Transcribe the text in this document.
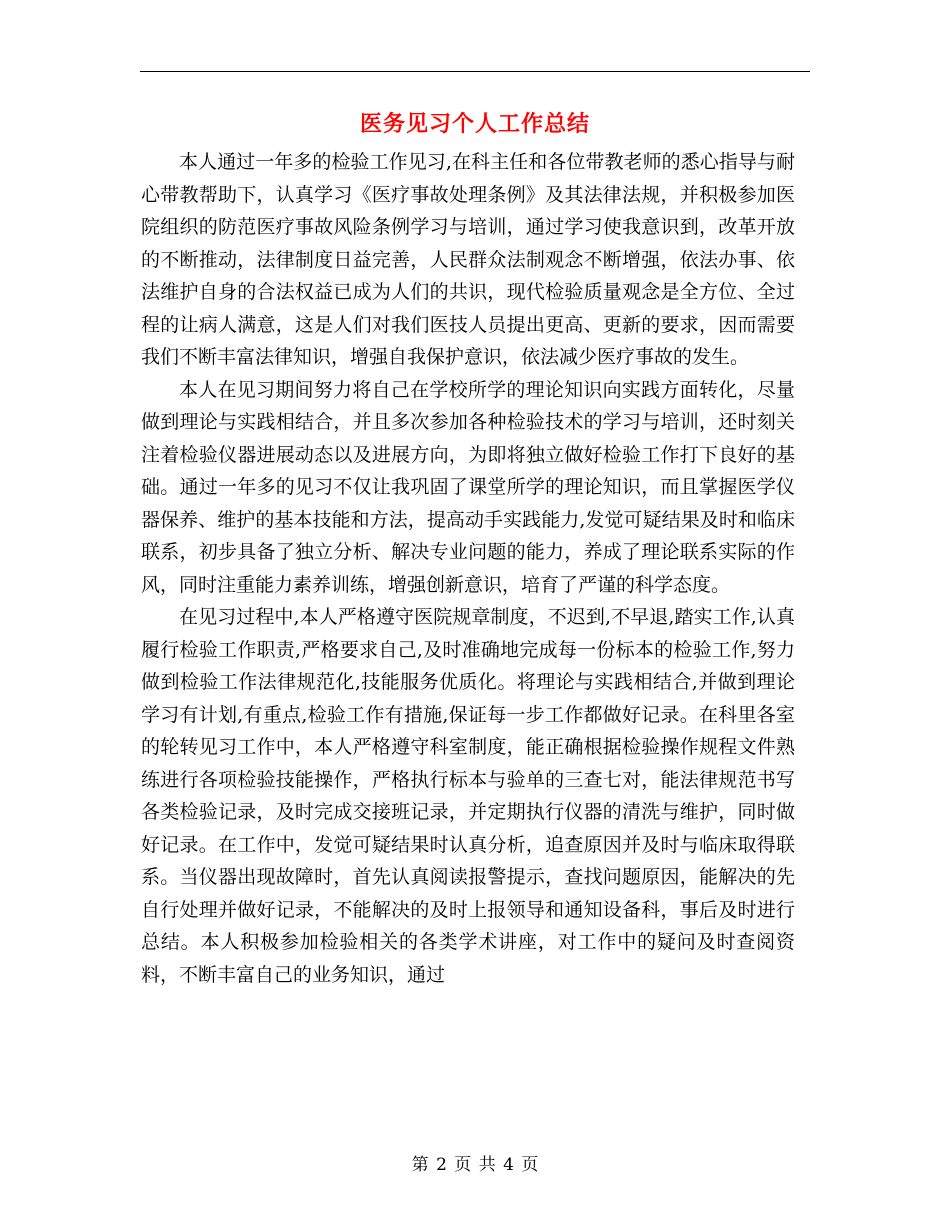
医务见习个人工作总结

本人通过一年多的检验工作见习,在科主任和各位带教老师的悉心指导与耐心带教帮助下，认真学习《医疗事故处理条例》及其法律法规，并积极参加医院组织的防范医疗事故风险条例学习与培训，通过学习使我意识到，改革开放的不断推动，法律制度日益完善，人民群众法制观念不断增强，依法办事、依法维护自身的合法权益已成为人们的共识，现代检验质量观念是全方位、全过程的让病人满意，这是人们对我们医技人员提出更高、更新的要求，因而需要我们不断丰富法律知识，增强自我保护意识，依法减少医疗事故的发生。

本人在见习期间努力将自己在学校所学的理论知识向实践方面转化，尽量做到理论与实践相结合，并且多次参加各种检验技术的学习与培训，还时刻关注着检验仪器进展动态以及进展方向，为即将独立做好检验工作打下良好的基础。通过一年多的见习不仅让我巩固了课堂所学的理论知识，而且掌握医学仪器保养、维护的基本技能和方法，提高动手实践能力,发觉可疑结果及时和临床联系，初步具备了独立分析、解决专业问题的能力，养成了理论联系实际的作风，同时注重能力素养训练，增强创新意识，培育了严谨的科学态度。

在见习过程中,本人严格遵守医院规章制度，不迟到,不早退,踏实工作,认真履行检验工作职责,严格要求自己,及时准确地完成每一份标本的检验工作,努力做到检验工作法律规范化,技能服务优质化。将理论与实践相结合,并做到理论学习有计划,有重点,检验工作有措施,保证每一步工作都做好记录。在科里各室的轮转见习工作中，本人严格遵守科室制度，能正确根据检验操作规程文件熟练进行各项检验技能操作，严格执行标本与验单的三查七对，能法律规范书写各类检验记录，及时完成交接班记录，并定期执行仪器的清洗与维护，同时做好记录。在工作中，发觉可疑结果时认真分析，追查原因并及时与临床取得联系。当仪器出现故障时，首先认真阅读报警提示，查找问题原因，能解决的先自行处理并做好记录，不能解决的及时上报领导和通知设备科，事后及时进行总结。本人积极参加检验相关的各类学术讲座，对工作中的疑问及时查阅资料，不断丰富自己的业务知识，通过

第 2 页 共 4 页
